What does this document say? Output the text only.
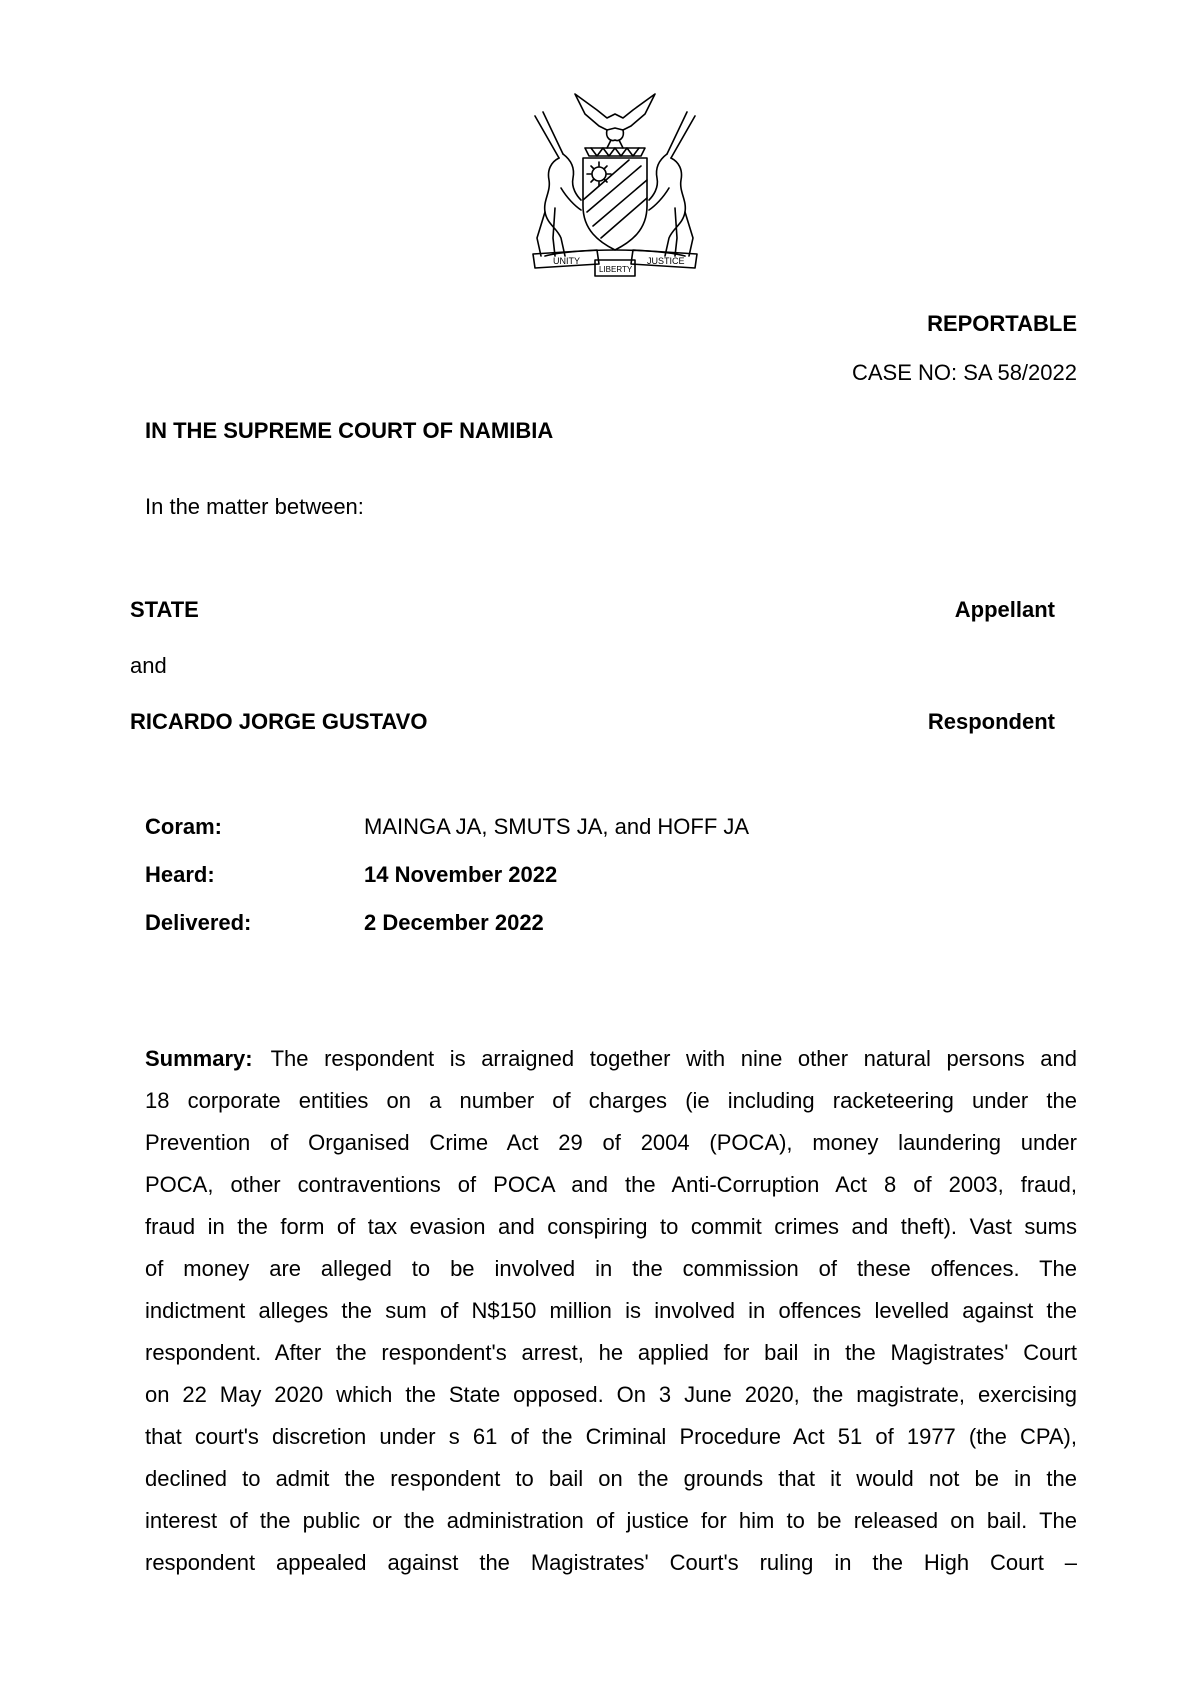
UNITY	JUSTICE
LIBERTY
REPORTABLE
CASE NO: SA 58/2022
IN THE SUPREME COURT OF NAMIBIA
In the matter between:
STATE	Appellant
and
RICARDO JORGE GUSTAVO	Respondent
Coram:	MAINGA JA, SMUTS JA, and HOFF JA
Heard:	14 November 2022
Delivered:	2 December 2022
Summary: The respondent is arraigned together with nine other natural persons and
18 corporate entities on a number of charges (ie including racketeering under the
Prevention of Organised Crime Act 29 of 2004 (POCA), money laundering under
POCA, other contraventions of POCA and the Anti-Corruption Act 8 of 2003, fraud,
fraud in the form of tax evasion and conspiring to commit crimes and theft). Vast sums
of money are alleged to be involved in the commission of these offences. The
indictment alleges the sum of N$150 million is involved in offences levelled against the
respondent. After the respondent's arrest, he applied for bail in the Magistrates' Court
on 22 May 2020 which the State opposed. On 3 June 2020, the magistrate, exercising
that court's discretion under s 61 of the Criminal Procedure Act 51 of 1977 (the CPA),
declined to admit the respondent to bail on the grounds that it would not be in the
interest of the public or the administration of justice for him to be released on bail. The
respondent appealed against the Magistrates' Court's ruling in the High Court –
